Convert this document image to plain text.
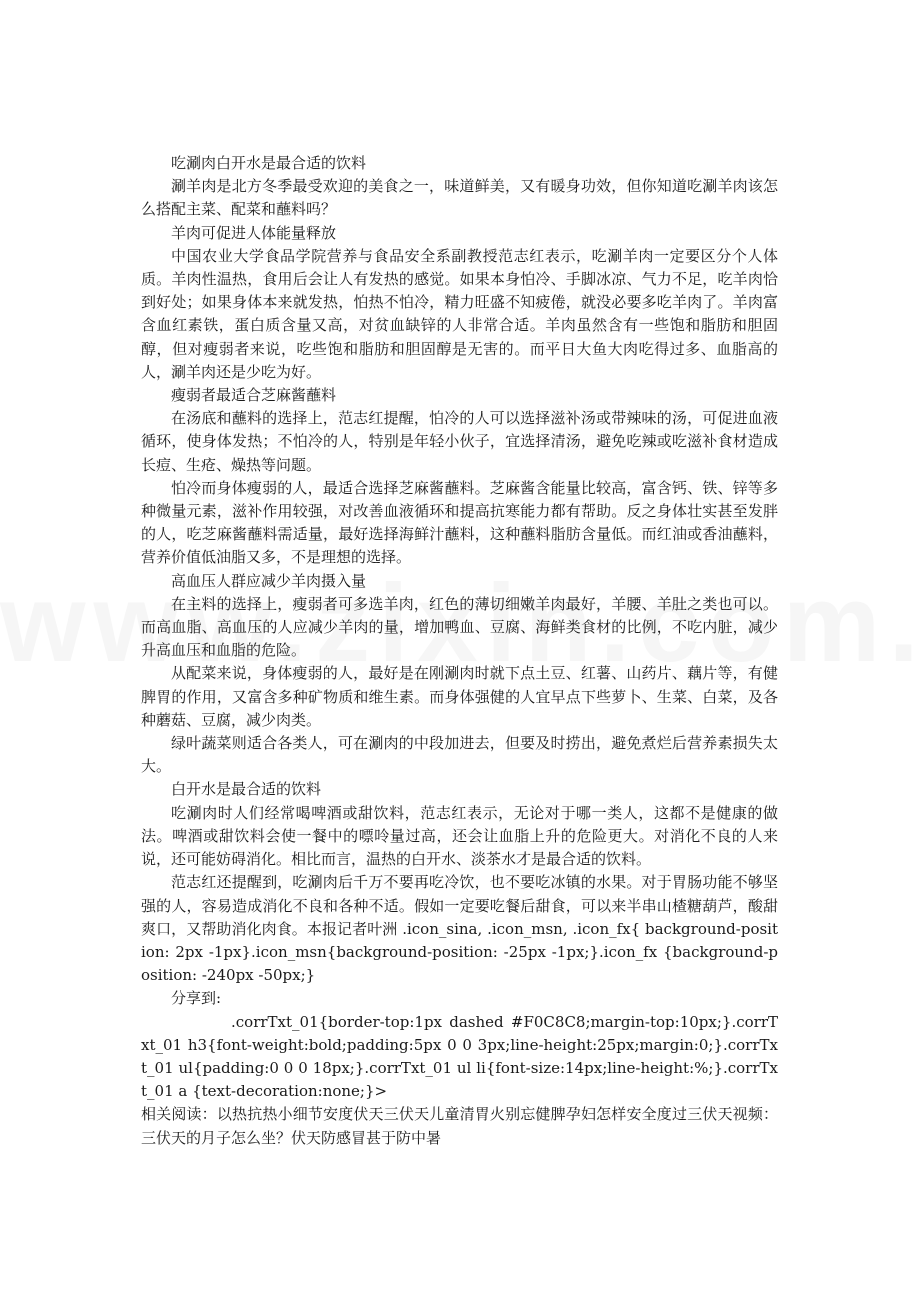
吃涮肉白开水是最合适的饮料

涮羊肉是北方冬季最受欢迎的美食之一，味道鲜美，又有暖身功效，但你知道吃涮羊肉该怎么搭配主菜、配菜和蘸料吗？

羊肉可促进人体能量释放

中国农业大学食品学院营养与食品安全系副教授范志红表示，吃涮羊肉一定要区分个人体质。羊肉性温热，食用后会让人有发热的感觉。如果本身怕冷、手脚冰凉、气力不足，吃羊肉恰到好处；如果身体本来就发热，怕热不怕冷，精力旺盛不知疲倦，就没必要多吃羊肉了。羊肉富含血红素铁，蛋白质含量又高，对贫血缺锌的人非常合适。羊肉虽然含有一些饱和脂肪和胆固醇，但对瘦弱者来说，吃些饱和脂肪和胆固醇是无害的。而平日大鱼大肉吃得过多、血脂高的人，涮羊肉还是少吃为好。

瘦弱者最适合芝麻酱蘸料

在汤底和蘸料的选择上，范志红提醒，怕冷的人可以选择滋补汤或带辣味的汤，可促进血液循环，使身体发热；不怕冷的人，特别是年轻小伙子，宜选择清汤，避免吃辣或吃滋补食材造成长痘、生疮、燥热等问题。

怕冷而身体瘦弱的人，最适合选择芝麻酱蘸料。芝麻酱含能量比较高，富含钙、铁、锌等多种微量元素，滋补作用较强，对改善血液循环和提高抗寒能力都有帮助。反之身体壮实甚至发胖的人，吃芝麻酱蘸料需适量，最好选择海鲜汁蘸料，这种蘸料脂肪含量低。而红油或香油蘸料，营养价值低油脂又多，不是理想的选择。

高血压人群应减少羊肉摄入量

在主料的选择上，瘦弱者可多选羊肉，红色的薄切细嫩羊肉最好，羊腰、羊肚之类也可以。而高血脂、高血压的人应减少羊肉的量，增加鸭血、豆腐、海鲜类食材的比例，不吃内脏，减少升高血压和血脂的危险。

从配菜来说，身体瘦弱的人，最好是在刚涮肉时就下点土豆、红薯、山药片、藕片等，有健脾胃的作用，又富含多种矿物质和维生素。而身体强健的人宜早点下些萝卜、生菜、白菜，及各种蘑菇、豆腐，减少肉类。

绿叶蔬菜则适合各类人，可在涮肉的中段加进去，但要及时捞出，避免煮烂后营养素损失太大。

白开水是最合适的饮料

吃涮肉时人们经常喝啤酒或甜饮料，范志红表示，无论对于哪一类人，这都不是健康的做法。啤酒或甜饮料会使一餐中的嘌呤量过高，还会让血脂上升的危险更大。对消化不良的人来说，还可能妨碍消化。相比而言，温热的白开水、淡茶水才是最合适的饮料。

范志红还提醒到，吃涮肉后千万不要再吃冷饮，也不要吃冰镇的水果。对于胃肠功能不够坚强的人，容易造成消化不良和各种不适。假如一定要吃餐后甜食，可以来半串山楂糖葫芦，酸甜爽口，又帮助消化肉食。本报记者叶洲 .icon_sina, .icon_msn, .icon_fx{ background-position: 2px -1px}.icon_msn{background-position: -25px -1px;}.icon_fx {background-position: -240px -50px;}

分享到:

.corrTxt_01{border-top:1px dashed #F0C8C8;margin-top:10px;}.corrTxt_01 h3{font-weight:bold;padding:5px 0 0 3px;line-height:25px;margin:0;}.corrTxt_01 ul{padding:0 0 0 18px;}.corrTxt_01 ul li{font-size:14px;line-height:%;}.corrTxt_01 a {text-decoration:none;}>

相关阅读：以热抗热小细节安度伏天三伏天儿童清胃火别忘健脾孕妇怎样安全度过三伏天视频：三伏天的月子怎么坐？伏天防感冒甚于防中暑
